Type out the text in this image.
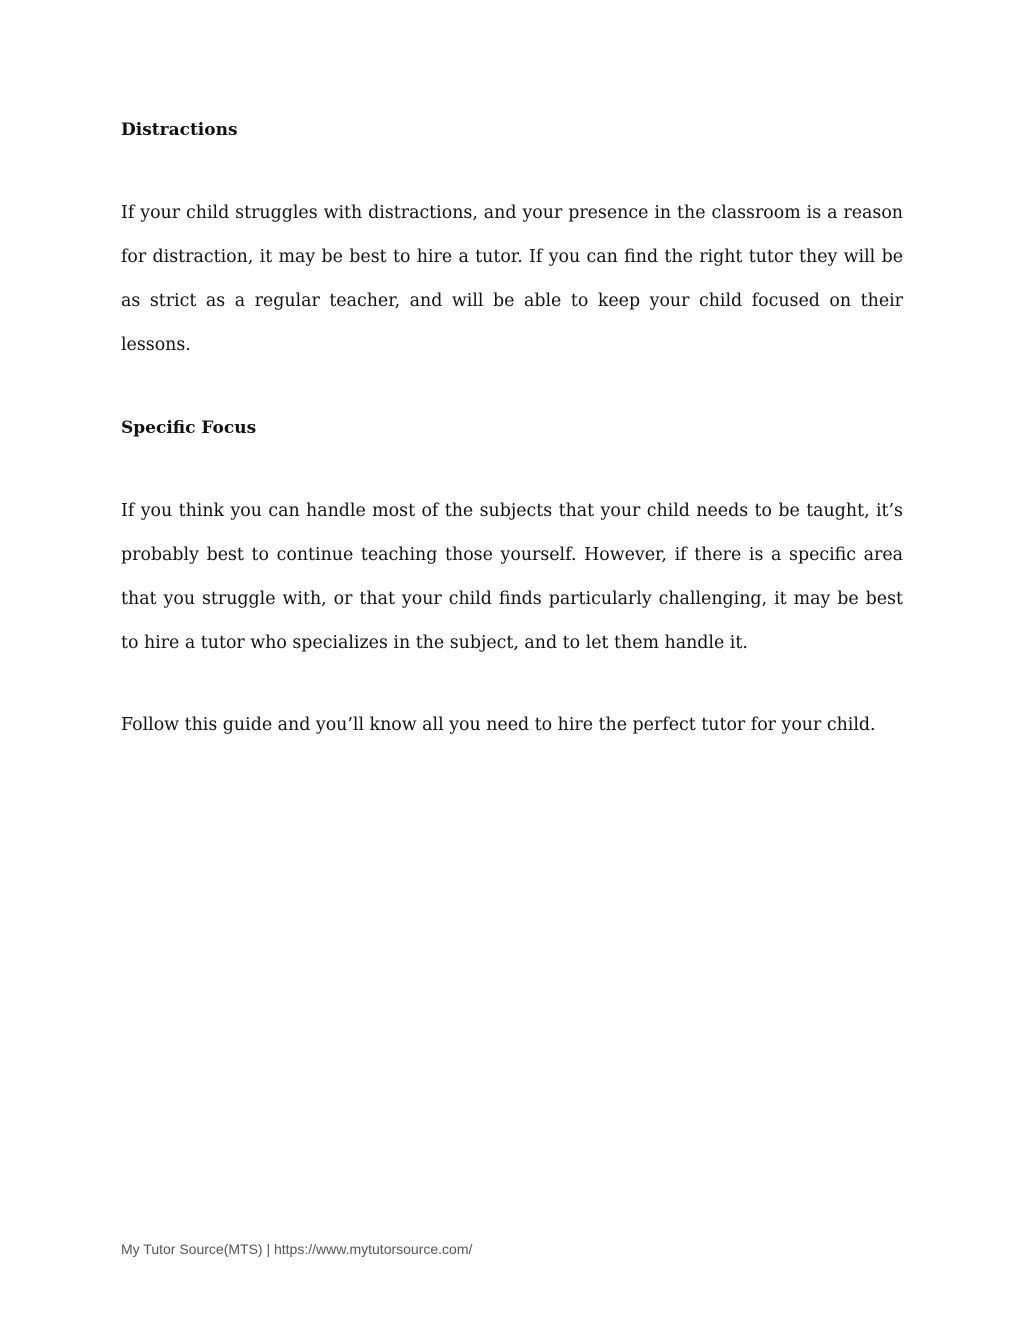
Distractions

If your child struggles with distractions, and your presence in the classroom is a reason for distraction, it may be best to hire a tutor. If you can find the right tutor they will be as strict as a regular teacher, and will be able to keep your child focused on their lessons.

Specific Focus

If you think you can handle most of the subjects that your child needs to be taught, it’s probably best to continue teaching those yourself. However, if there is a specific area that you struggle with, or that your child finds particularly challenging, it may be best to hire a tutor who specializes in the subject, and to let them handle it.

Follow this guide and you’ll know all you need to hire the perfect tutor for your child.

My Tutor Source(MTS) | https://www.mytutorsource.com/
